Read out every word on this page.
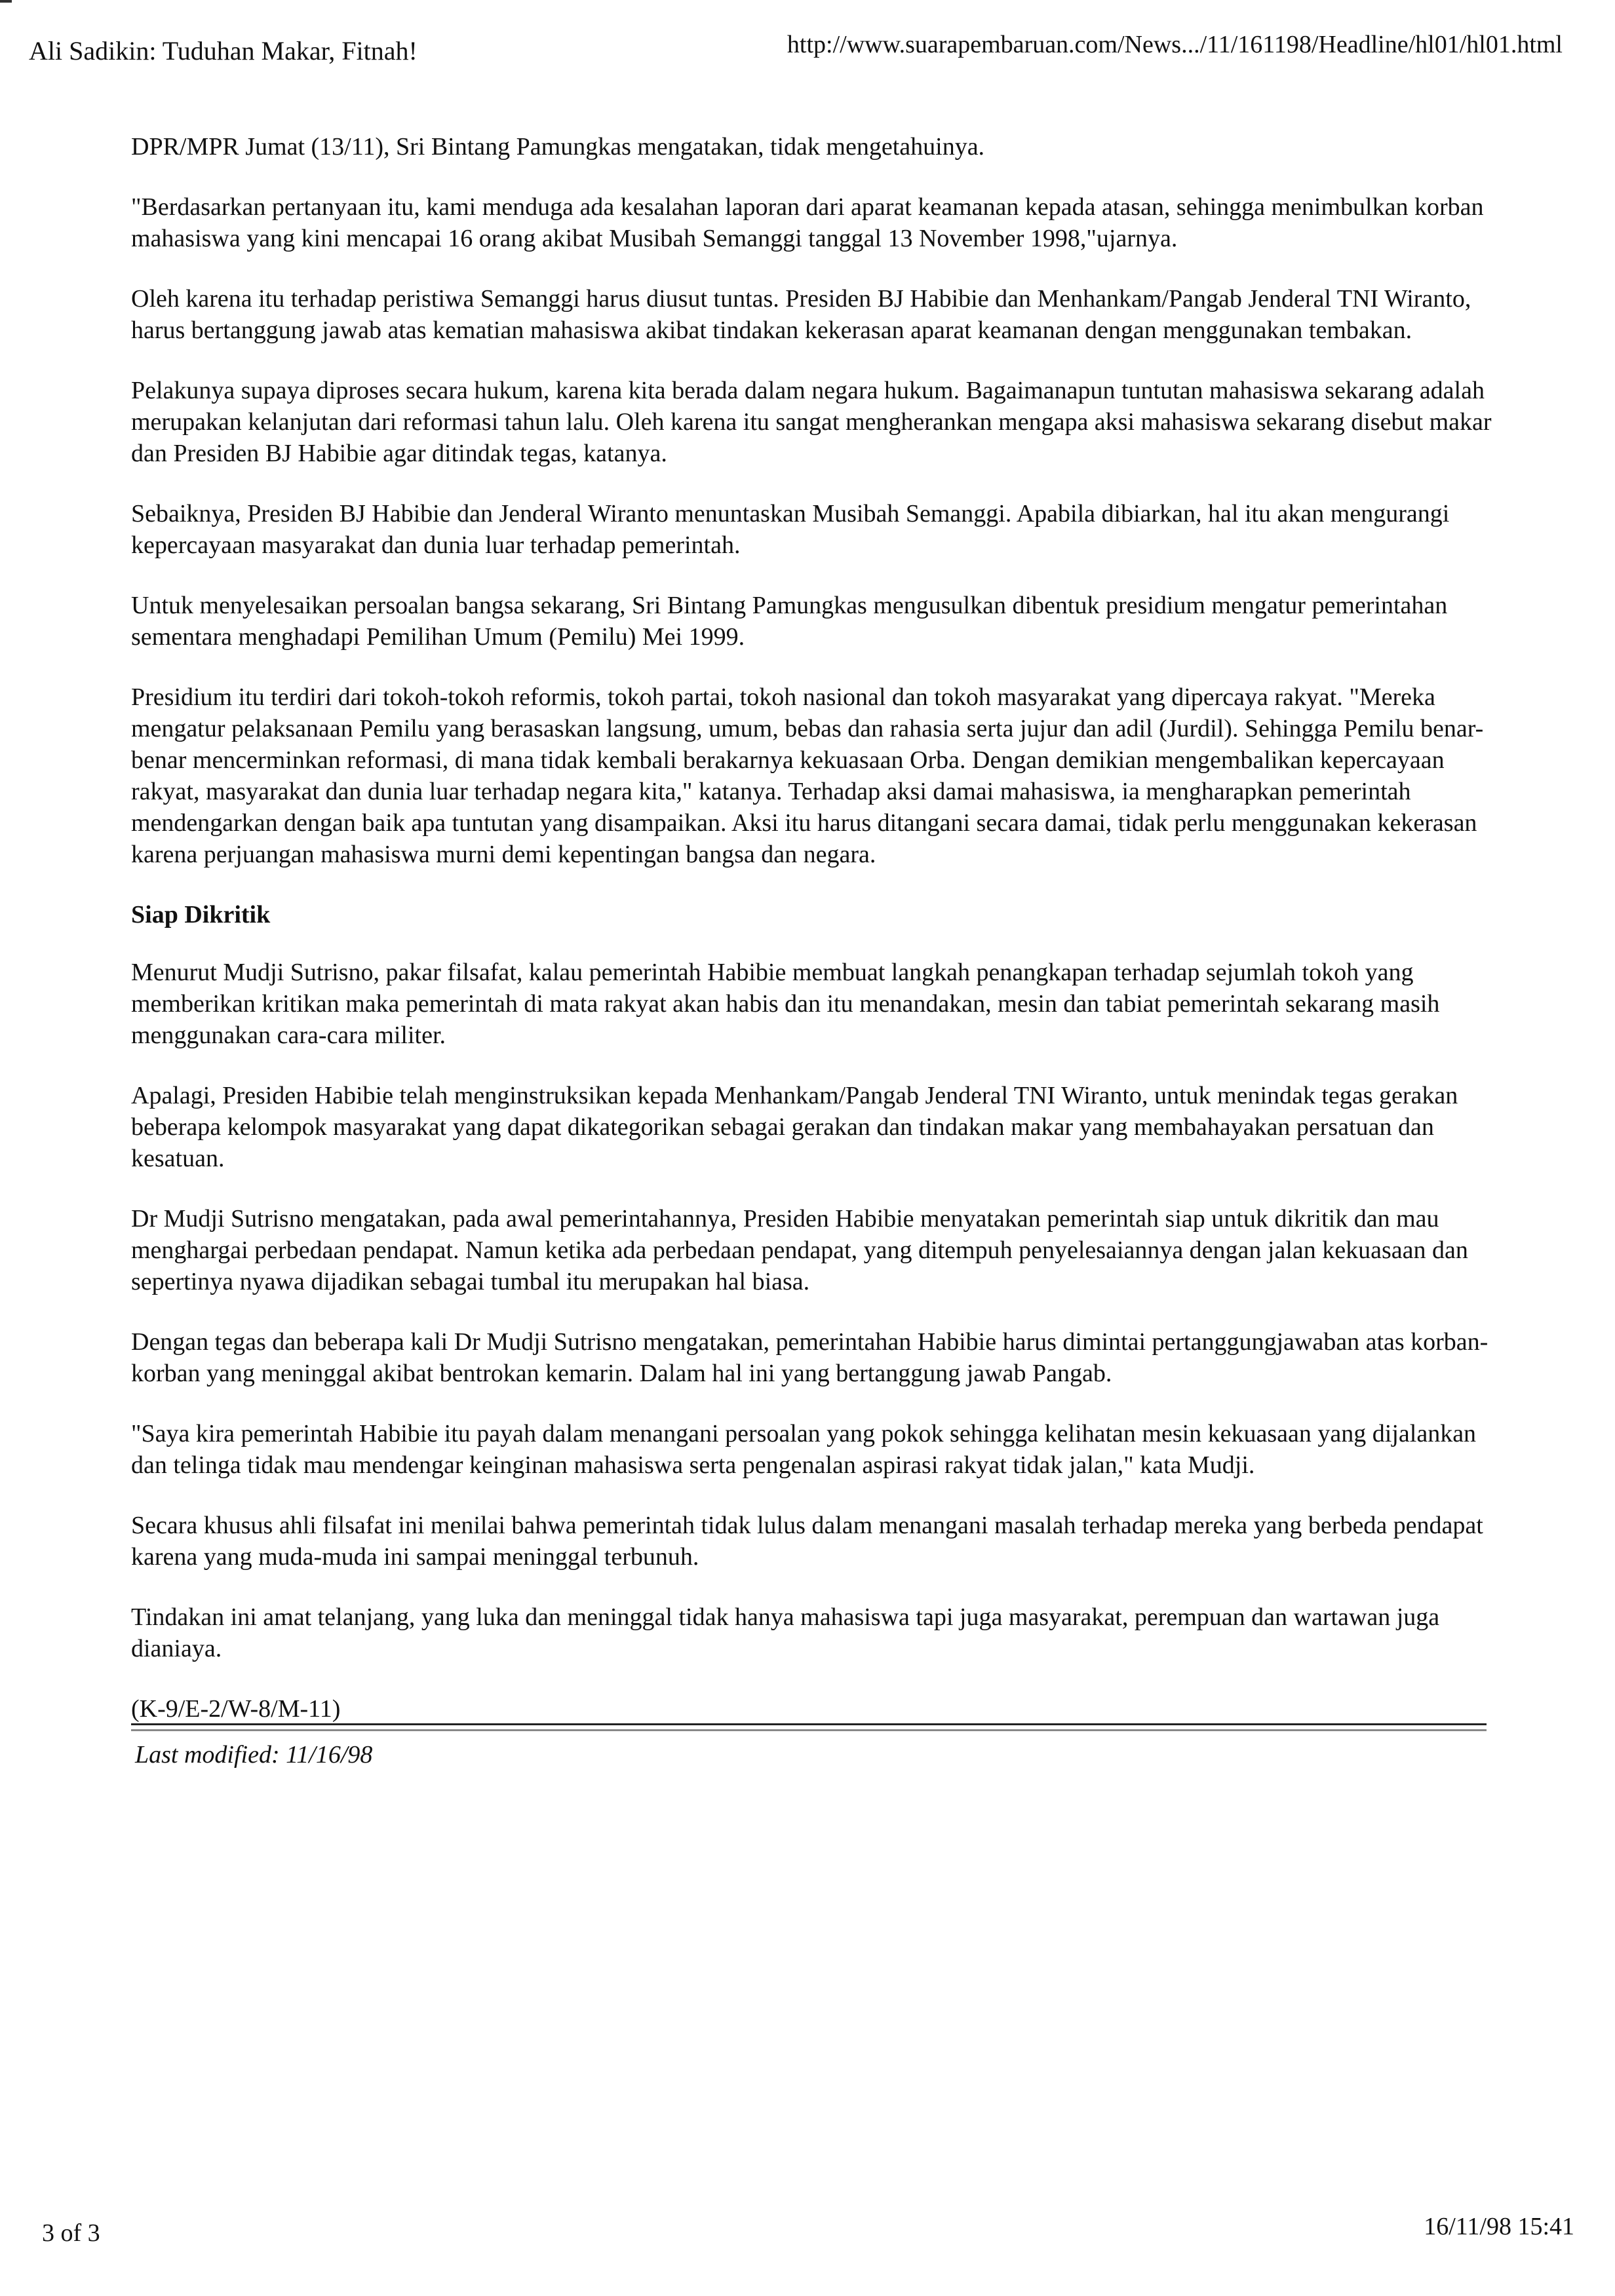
Ali Sadikin: Tuduhan Makar, Fitnah!	http://www.suarapembaruan.com/News.../11/161198/Headline/hl01/hl01.html

DPR/MPR Jumat (13/11), Sri Bintang Pamungkas mengatakan, tidak mengetahuinya.

"Berdasarkan pertanyaan itu, kami menduga ada kesalahan laporan dari aparat keamanan kepada atasan, sehingga menimbulkan korban mahasiswa yang kini mencapai 16 orang akibat Musibah Semanggi tanggal 13 November 1998,"ujarnya.

Oleh karena itu terhadap peristiwa Semanggi harus diusut tuntas. Presiden BJ Habibie dan Menhankam/Pangab Jenderal TNI Wiranto, harus bertanggung jawab atas kematian mahasiswa akibat tindakan kekerasan aparat keamanan dengan menggunakan tembakan.

Pelakunya supaya diproses secara hukum, karena kita berada dalam negara hukum. Bagaimanapun tuntutan mahasiswa sekarang adalah merupakan kelanjutan dari reformasi tahun lalu. Oleh karena itu sangat mengherankan mengapa aksi mahasiswa sekarang disebut makar dan Presiden BJ Habibie agar ditindak tegas, katanya.

Sebaiknya, Presiden BJ Habibie dan Jenderal Wiranto menuntaskan Musibah Semanggi. Apabila dibiarkan, hal itu akan mengurangi kepercayaan masyarakat dan dunia luar terhadap pemerintah.

Untuk menyelesaikan persoalan bangsa sekarang, Sri Bintang Pamungkas mengusulkan dibentuk presidium mengatur pemerintahan sementara menghadapi Pemilihan Umum (Pemilu) Mei 1999.

Presidium itu terdiri dari tokoh-tokoh reformis, tokoh partai, tokoh nasional dan tokoh masyarakat yang dipercaya rakyat. "Mereka mengatur pelaksanaan Pemilu yang berasaskan langsung, umum, bebas dan rahasia serta jujur dan adil (Jurdil). Sehingga Pemilu benar-benar mencerminkan reformasi, di mana tidak kembali berakarnya kekuasaan Orba. Dengan demikian mengembalikan kepercayaan rakyat, masyarakat dan dunia luar terhadap negara kita," katanya. Terhadap aksi damai mahasiswa, ia mengharapkan pemerintah mendengarkan dengan baik apa tuntutan yang disampaikan. Aksi itu harus ditangani secara damai, tidak perlu menggunakan kekerasan karena perjuangan mahasiswa murni demi kepentingan bangsa dan negara.

Siap Dikritik

Menurut Mudji Sutrisno, pakar filsafat, kalau pemerintah Habibie membuat langkah penangkapan terhadap sejumlah tokoh yang memberikan kritikan maka pemerintah di mata rakyat akan habis dan itu menandakan, mesin dan tabiat pemerintah sekarang masih menggunakan cara-cara militer.

Apalagi, Presiden Habibie telah menginstruksikan kepada Menhankam/Pangab Jenderal TNI Wiranto, untuk menindak tegas gerakan beberapa kelompok masyarakat yang dapat dikategorikan sebagai gerakan dan tindakan makar yang membahayakan persatuan dan kesatuan.

Dr Mudji Sutrisno mengatakan, pada awal pemerintahannya, Presiden Habibie menyatakan pemerintah siap untuk dikritik dan mau menghargai perbedaan pendapat. Namun ketika ada perbedaan pendapat, yang ditempuh penyelesaiannya dengan jalan kekuasaan dan sepertinya nyawa dijadikan sebagai tumbal itu merupakan hal biasa.

Dengan tegas dan beberapa kali Dr Mudji Sutrisno mengatakan, pemerintahan Habibie harus dimintai pertanggungjawaban atas korban-korban yang meninggal akibat bentrokan kemarin. Dalam hal ini yang bertanggung jawab Pangab.

"Saya kira pemerintah Habibie itu payah dalam menangani persoalan yang pokok sehingga kelihatan mesin kekuasaan yang dijalankan dan telinga tidak mau mendengar keinginan mahasiswa serta pengenalan aspirasi rakyat tidak jalan," kata Mudji.

Secara khusus ahli filsafat ini menilai bahwa pemerintah tidak lulus dalam menangani masalah terhadap mereka yang berbeda pendapat karena yang muda-muda ini sampai meninggal terbunuh.

Tindakan ini amat telanjang, yang luka dan meninggal tidak hanya mahasiswa tapi juga masyarakat, perempuan dan wartawan juga dianiaya.

(K-9/E-2/W-8/M-11)

Last modified: 11/16/98
3 of 3	16/11/98 15:41
